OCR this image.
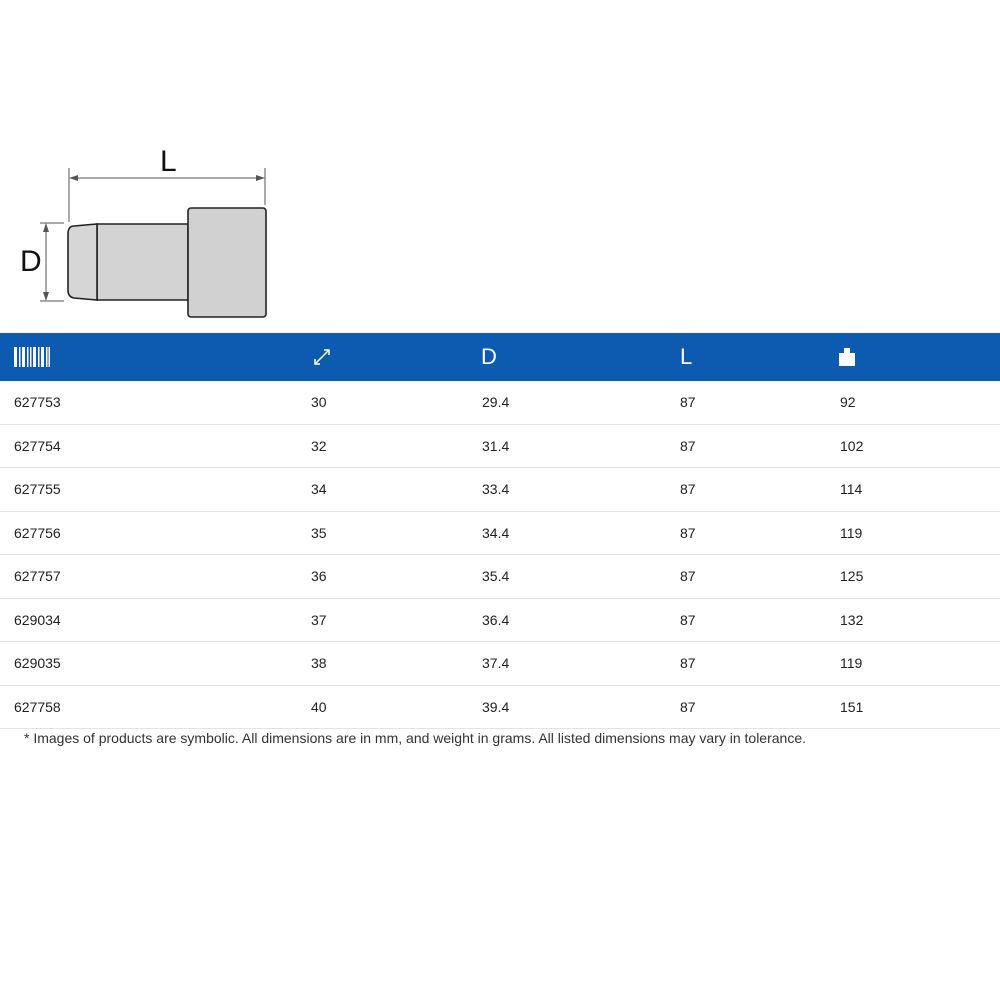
L
D
D	L
627753	30	29.4	87	92
627754	32	31.4	87	102
627755	34	33.4	87	114
627756	35	34.4	87	119
627757	36	35.4	87	125
629034	37	36.4	87	132
629035	38	37.4	87	119
627758	40	39.4	87	151
* Images of products are symbolic. All dimensions are in mm, and weight in grams. All listed dimensions may vary in tolerance.
